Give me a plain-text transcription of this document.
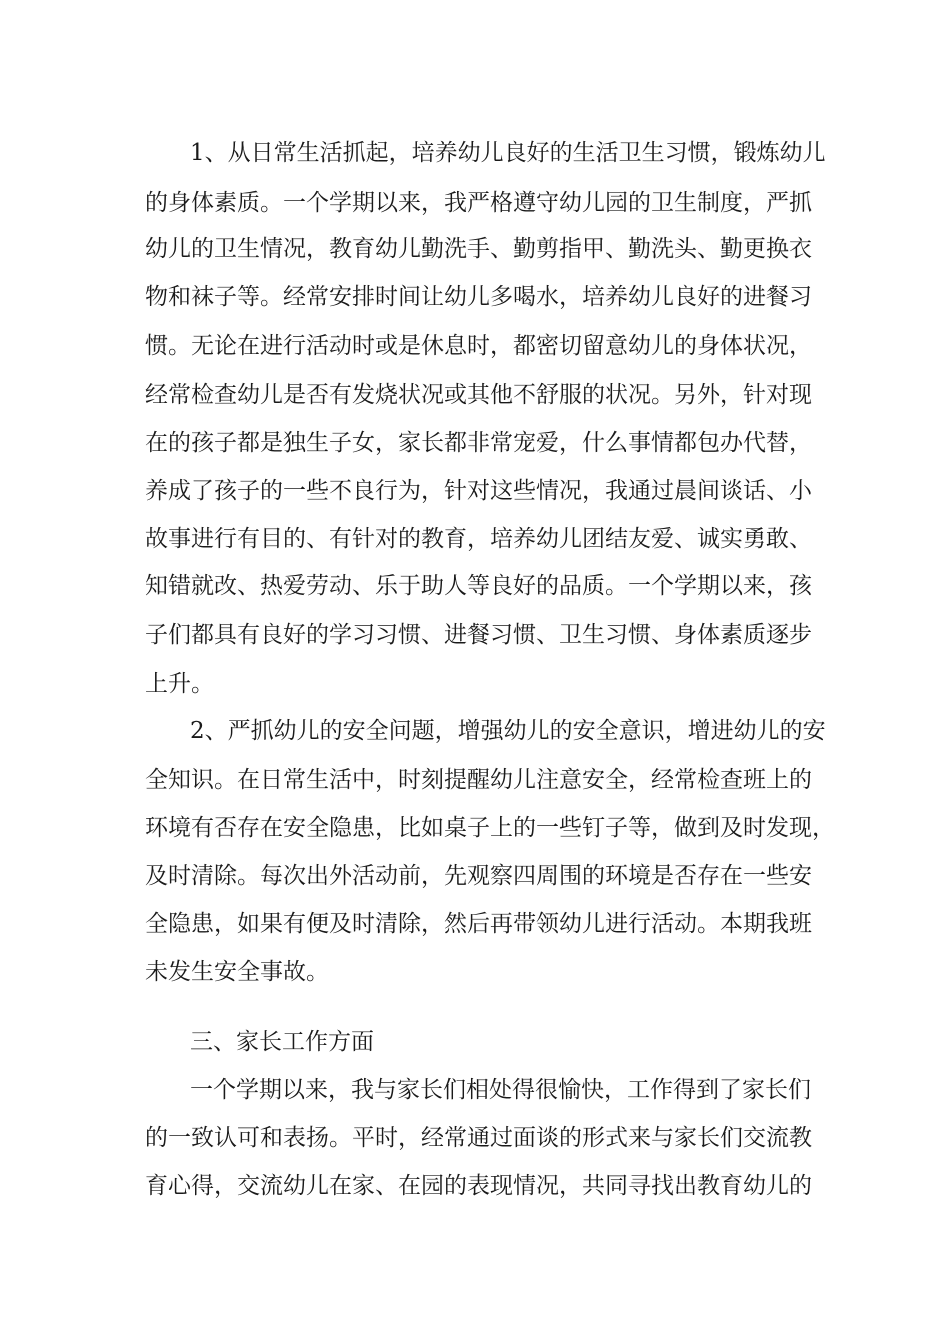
1、从日常生活抓起，培养幼儿良好的生活卫生习惯，锻炼幼儿
的身体素质。一个学期以来，我严格遵守幼儿园的卫生制度，严抓
幼儿的卫生情况，教育幼儿勤洗手、勤剪指甲、勤洗头、勤更换衣
物和袜子等。经常安排时间让幼儿多喝水，培养幼儿良好的进餐习
惯。无论在进行活动时或是休息时，都密切留意幼儿的身体状况，
经常检查幼儿是否有发烧状况或其他不舒服的状况。另外，针对现
在的孩子都是独生子女，家长都非常宠爱，什么事情都包办代替，
养成了孩子的一些不良行为，针对这些情况，我通过晨间谈话、小
故事进行有目的、有针对的教育，培养幼儿团结友爱、诚实勇敢、
知错就改、热爱劳动、乐于助人等良好的品质。一个学期以来，孩
子们都具有良好的学习习惯、进餐习惯、卫生习惯、身体素质逐步
上升。
2、严抓幼儿的安全问题，增强幼儿的安全意识，增进幼儿的安
全知识。在日常生活中，时刻提醒幼儿注意安全，经常检查班上的
环境有否存在安全隐患，比如桌子上的一些钉子等，做到及时发现，
及时清除。每次出外活动前，先观察四周围的环境是否存在一些安
全隐患，如果有便及时清除，然后再带领幼儿进行活动。本期我班
未发生安全事故。
三、家长工作方面
一个学期以来，我与家长们相处得很愉快，工作得到了家长们
的一致认可和表扬。平时，经常通过面谈的形式来与家长们交流教
育心得，交流幼儿在家、在园的表现情况，共同寻找出教育幼儿的
